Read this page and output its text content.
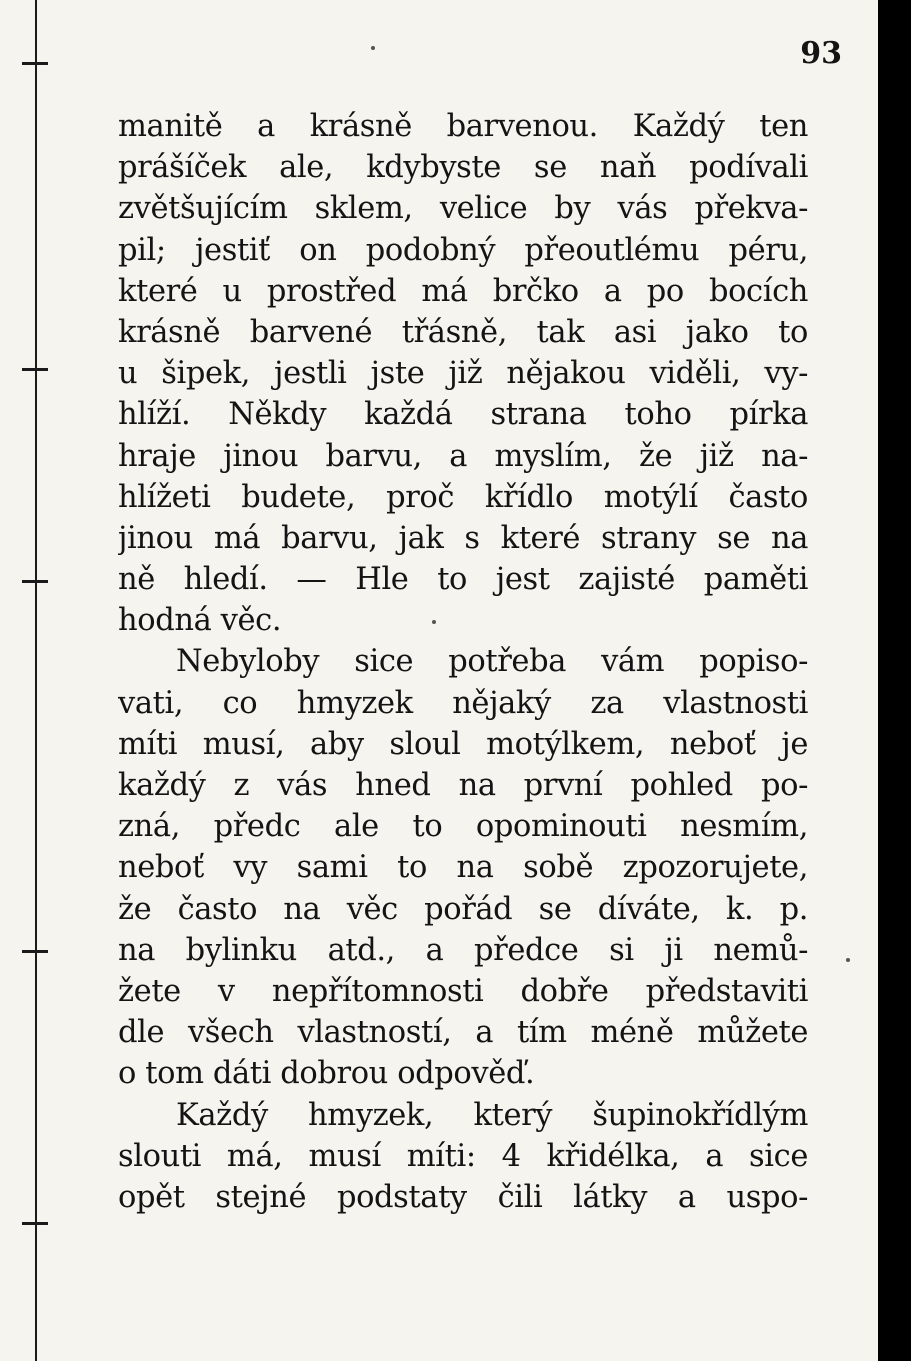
93

manitě a krásně barvenou. Každý ten
prášíček ale, kdybyste se naň podívali
zvětšujícím sklem, velice by vás překva-
pil; jestiť on podobný přeoutlému péru,
které u prostřed má brčko a po bocích
krásně barvené třásně, tak asi jako to
u šipek, jestli jste již nějakou viděli, vy-
hlíží. Někdy každá strana toho pírka
hraje jinou barvu, a myslím, že již na-
hlížeti budete, proč křídlo motýlí často
jinou má barvu, jak s které strany se na
ně hledí. — Hle to jest zajisté paměti
hodná věc.
Nebyloby sice potřeba vám popiso-
vati, co hmyzek nějaký za vlastnosti
míti musí, aby sloul motýlkem, neboť je
každý z vás hned na první pohled po-
zná, předc ale to opominouti nesmím,
neboť vy sami to na sobě zpozorujete,
že často na věc pořád se díváte, k. p.
na bylinku atd., a předce si ji nemů-
žete v nepřítomnosti dobře představiti
dle všech vlastností, a tím méně můžete
o tom dáti dobrou odpověď.
Každý hmyzek, který šupinokřídlým
slouti má, musí míti: 4 křidélka, a sice
opět stejné podstaty čili látky a uspo-
